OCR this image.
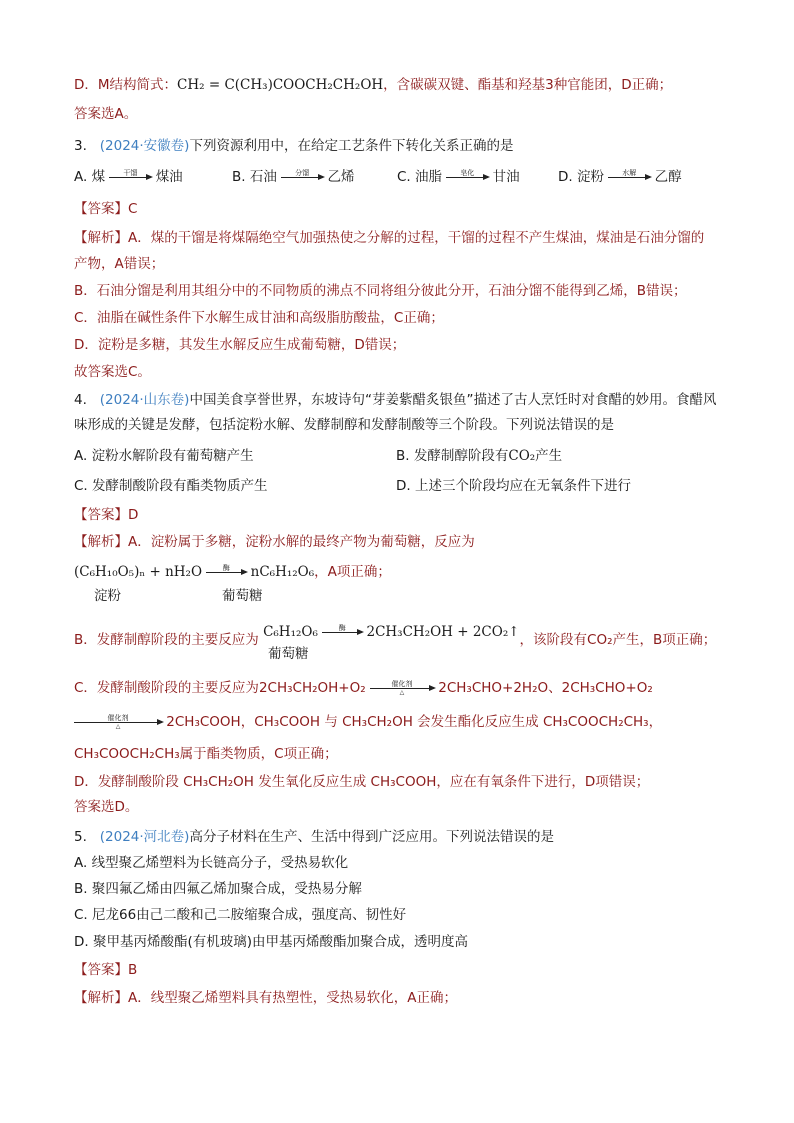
D．M结构简式：CH₂ = C(CH₃)COOCH₂CH₂OH，含碳碳双键、酯基和羟基3种官能团，D正确；
答案选A。
3. (2024·安徽卷)下列资源利用中，在给定工艺条件下转化关系正确的是
A. 煤	干馏	煤油	B. 石油	分馏	乙烯	C. 油脂	皂化	甘油	D. 淀粉	水解	乙醇
【答案】C
【解析】A．煤的干馏是将煤隔绝空气加强热使之分解的过程，干馏的过程不产生煤油，煤油是石油分馏的
产物，A错误；
B．石油分馏是利用其组分中的不同物质的沸点不同将组分彼此分开，石油分馏不能得到乙烯，B错误；
C．油脂在碱性条件下水解生成甘油和高级脂肪酸盐，C正确；
D．淀粉是多糖，其发生水解反应生成葡萄糖，D错误；
故答案选C。
4. (2024·山东卷)中国美食享誉世界，东坡诗句“芽姜紫醋炙银鱼”描述了古人烹饪时对食醋的妙用。食醋风
味形成的关键是发酵，包括淀粉水解、发酵制醇和发酵制酸等三个阶段。下列说法错误的是
A. 淀粉水解阶段有葡萄糖产生	B. 发酵制醇阶段有CO₂产生
C. 发酵制酸阶段有酯类物质产生	D. 上述三个阶段均应在无氧条件下进行
【答案】D
【解析】A．淀粉属于多糖，淀粉水解的最终产物为葡萄糖，反应为
(C₆H₁₀O₅)ₙ + nH₂O	酶	nC₆H₁₂O₆，A项正确；
淀粉	葡萄糖
B．发酵制醇阶段的主要反应为 C₆H₁₂O₆	酶	2CH₃CH₂OH + 2CO₂↑，该阶段有CO₂产生，B项正确；
葡萄糖
C．发酵制酸阶段的主要反应为2CH₃CH₂OH+O₂	催化剂
△	2CH₃CHO+2H₂O、2CH₃CHO+O₂
催化剂
△	2CH₃COOH，CH₃COOH 与 CH₃CH₂OH 会发生酯化反应生成 CH₃COOCH₂CH₃，
CH₃COOCH₂CH₃属于酯类物质，C项正确；
D．发酵制酸阶段 CH₃CH₂OH 发生氧化反应生成 CH₃COOH，应在有氧条件下进行，D项错误；
答案选D。
5. (2024·河北卷)高分子材料在生产、生活中得到广泛应用。下列说法错误的是
A. 线型聚乙烯塑料为长链高分子，受热易软化
B. 聚四氟乙烯由四氟乙烯加聚合成，受热易分解
C. 尼龙66由己二酸和己二胺缩聚合成，强度高、韧性好
D. 聚甲基丙烯酸酯(有机玻璃)由甲基丙烯酸酯加聚合成，透明度高
【答案】B
【解析】A．线型聚乙烯塑料具有热塑性，受热易软化，A正确；
